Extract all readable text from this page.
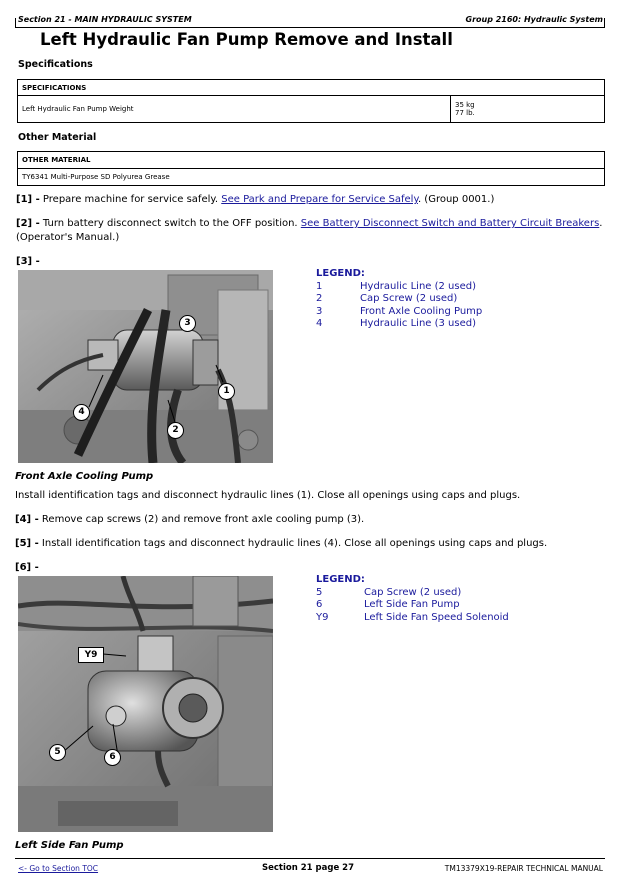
Section 21 - MAIN HYDRAULIC SYSTEM	Group 2160: Hydraulic System
Left Hydraulic Fan Pump Remove and Install
Specifications
SPECIFICATIONS
Left Hydraulic Fan Pump Weight	35 kg
77 lb.
Other Material
OTHER MATERIAL
TY6341 Multi-Purpose SD Polyurea Grease
[1] - Prepare machine for service safely. See Park and Prepare for Service Safely. (Group 0001.)
[2] - Turn battery disconnect switch to the OFF position. See Battery Disconnect Switch and Battery Circuit Breakers.
(Operator's Manual.)
[3] -
3
1
2
4
LEGEND:
1	Hydraulic Line (2 used)
2	Cap Screw (2 used)
3	Front Axle Cooling Pump
4	Hydraulic Line (3 used)
Front Axle Cooling Pump
Install identification tags and disconnect hydraulic lines (1). Close all openings using caps and plugs.
[4] - Remove cap screws (2) and remove front axle cooling pump (3).
[5] - Install identification tags and disconnect hydraulic lines (4). Close all openings using caps and plugs.
[6] -
Y9
5	6
LEGEND:
5	Cap Screw (2 used)
6	Left Side Fan Pump
Y9	Left Side Fan Speed Solenoid
Left Side Fan Pump
<- Go to Section TOC	Section 21 page 27	TM13379X19-REPAIR TECHNICAL MANUAL
